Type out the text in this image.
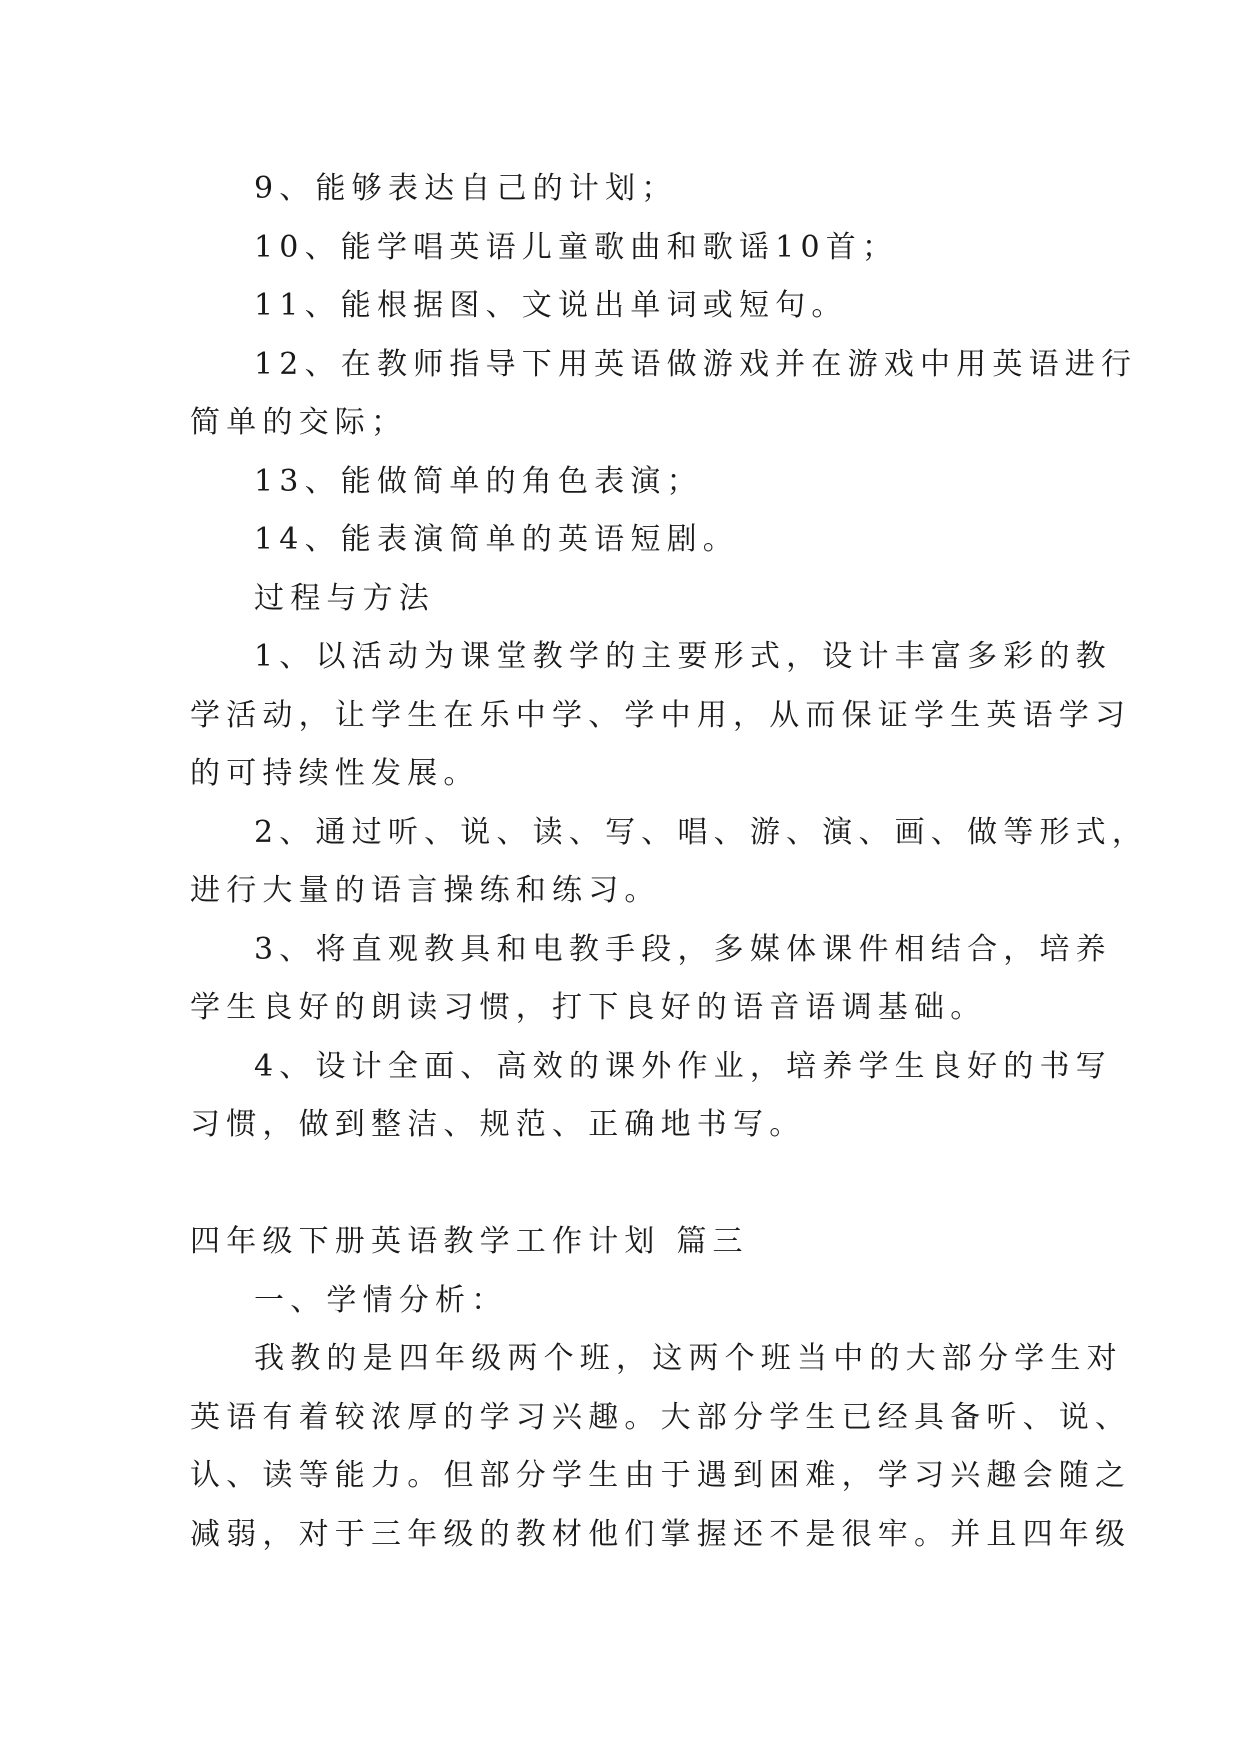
9、能够表达自己的计划；

10、能学唱英语儿童歌曲和歌谣10首；

11、能根据图、文说出单词或短句。

12、在教师指导下用英语做游戏并在游戏中用英语进行

简单的交际；

13、能做简单的角色表演；

14、能表演简单的英语短剧。

过程与方法

1、以活动为课堂教学的主要形式，设计丰富多彩的教

学活动，让学生在乐中学、学中用，从而保证学生英语学习

的可持续性发展。

2、通过听、说、读、写、唱、游、演、画、做等形式，

进行大量的语言操练和练习。

3、将直观教具和电教手段，多媒体课件相结合，培养

学生良好的朗读习惯，打下良好的语音语调基础。

4、设计全面、高效的课外作业，培养学生良好的书写

习惯，做到整洁、规范、正确地书写。

四年级下册英语教学工作计划 篇三

一、学情分析：

我教的是四年级两个班，这两个班当中的大部分学生对

英语有着较浓厚的学习兴趣。大部分学生已经具备听、说、

认、读等能力。但部分学生由于遇到困难，学习兴趣会随之

减弱，对于三年级的教材他们掌握还不是很牢。并且四年级
